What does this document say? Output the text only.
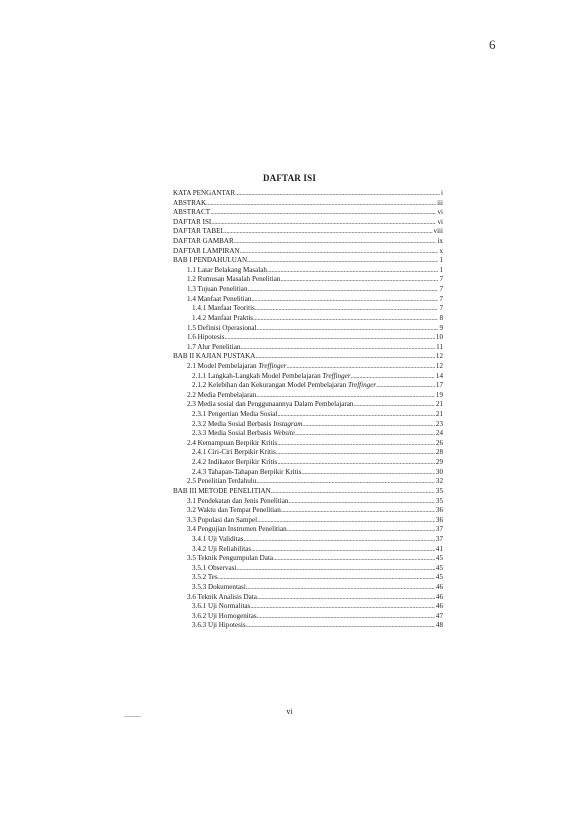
6
DAFTAR ISI
KATA PENGANTAR .....	i
ABSTRAK .....	iii
ABSTRACT .....	vi
DAFTAR ISI .....	vi
DAFTAR TABEL .....	viii
DAFTAR GAMBAR .....	ix
DAFTAR LAMPIRAN .....	x
BAB I PENDAHULUAN .....	1
1.1 Latar Belakang Masalah .....	1
1.2 Rumusan Masalah Penelitian .....	7
1.3 Tujuan Penelitian .....	7
1.4 Manfaat Penelitian .....	7
1.4.1 Manfaat Teoritis .....	7
1.4.2 Manfaat Praktis .....	8
1.5 Definisi Operasional .....	9
1.6 Hipotesis .....	10
1.7 Alur Penelitian .....	11
BAB II KAJIAN PUSTAKA .....	12
2.1 Model Pembelajaran Treffinger .....	12
2.1.1 Langkah-Langkah Model Pembelajaran Treffinger .....	14
2.1.2 Kelebihan dan Kekurangan Model Pembelajaran Treffinger .....	17
2.2 Media Pembelajaran .....	19
2.3 Media sosial dan Penggunaannya Dalam Pembelajaran .....	21
2.3.1 Pengertian Media Sosial .....	21
2.3.2 Media Sosial Berbasis Instagram .....	23
2.3.3 Media Sosial Berbasis Website .....	24
2.4 Kemampuan Berpikir Kritis .....	26
2.4.1 Ciri-Ciri Berpikir Kritis .....	28
2.4.2 Indikator Berpikir Kritis .....	29
2.4.3 Tahapan-Tahapan Berpikir Kritis .....	30
2.5 Penelitian Terdahulu .....	32
BAB III METODE PENELITIAN .....	35
3.1 Pendekatan dan Jenis Penelitian .....	35
3.2 Waktu dan Tempat Penelitian .....	36
3.3 Populasi dan Sampel .....	36
3.4 Pengujian Instrumen Penelitian .....	37
3.4.1 Uji Validitas .....	37
3.4.2 Uji Reliabilitas .....	41
3.5 Teknik Pengumpulan Data .....	45
3.5.1 Observasi .....	45
3.5.2 Tes .....	45
3.5.3 Dokumentasi .....	46
3.6 Teknik Analisis Data .....	46
3.6.1 Uji Normalitas .....	46
3.6.2 Uji Homogenitas .....	47
3.6.3 Uji Hipotesis .....	48
vi
